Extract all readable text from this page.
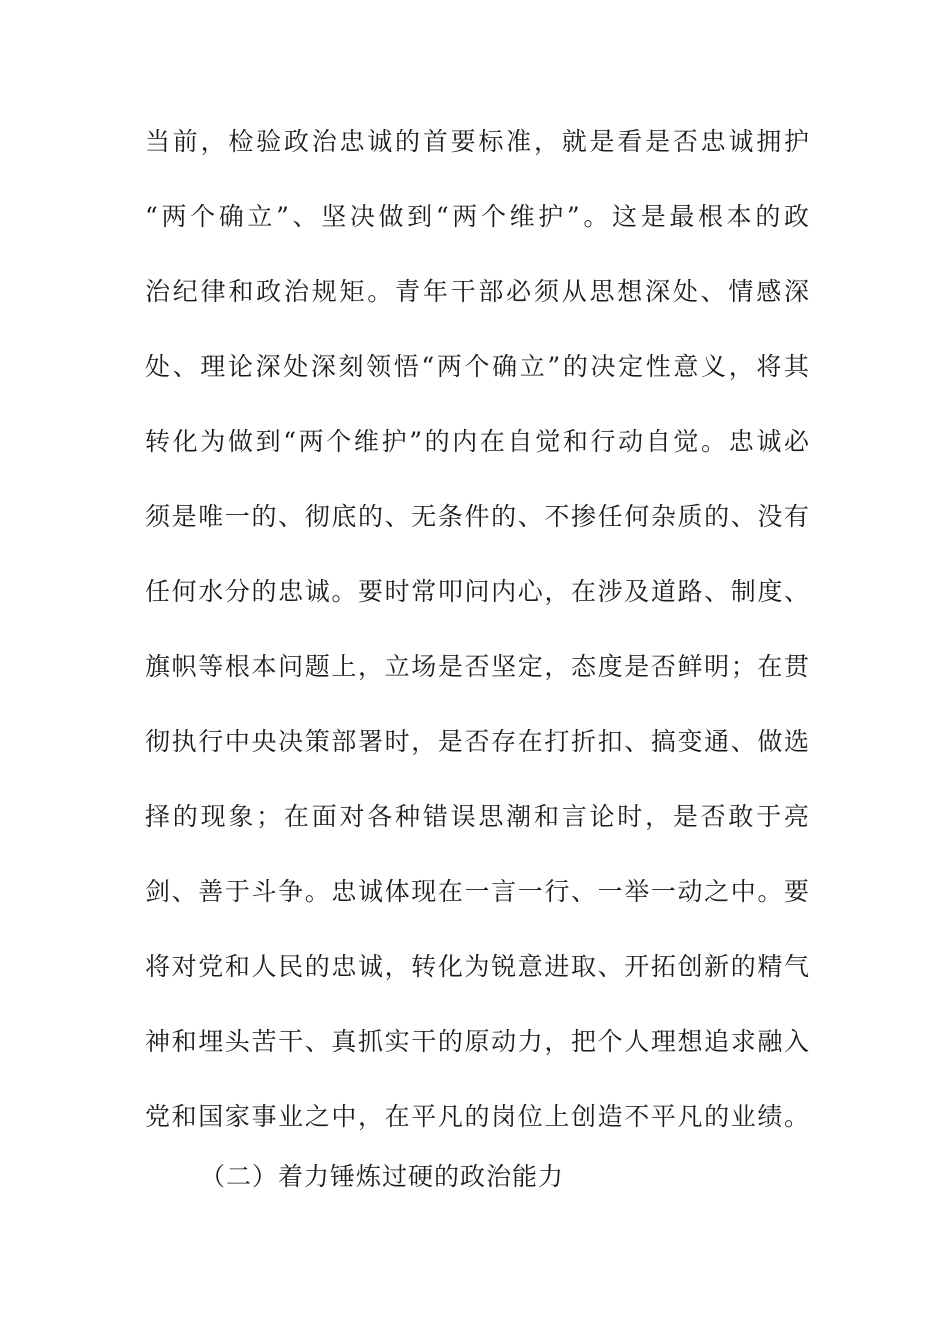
当前，检验政治忠诚的首要标准，就是看是否忠诚拥护
“两个确立”、坚决做到“两个维护”。这是最根本的政
治纪律和政治规矩。青年干部必须从思想深处、情感深
处、理论深处深刻领悟“两个确立”的决定性意义，将其
转化为做到“两个维护”的内在自觉和行动自觉。忠诚必
须是唯一的、彻底的、无条件的、不掺任何杂质的、没有
任何水分的忠诚。要时常叩问内心，在涉及道路、制度、
旗帜等根本问题上，立场是否坚定，态度是否鲜明；在贯
彻执行中央决策部署时，是否存在打折扣、搞变通、做选
择的现象；在面对各种错误思潮和言论时，是否敢于亮
剑、善于斗争。忠诚体现在一言一行、一举一动之中。要
将对党和人民的忠诚，转化为锐意进取、开拓创新的精气
神和埋头苦干、真抓实干的原动力，把个人理想追求融入
党和国家事业之中，在平凡的岗位上创造不平凡的业绩。
（二）着力锤炼过硬的政治能力
